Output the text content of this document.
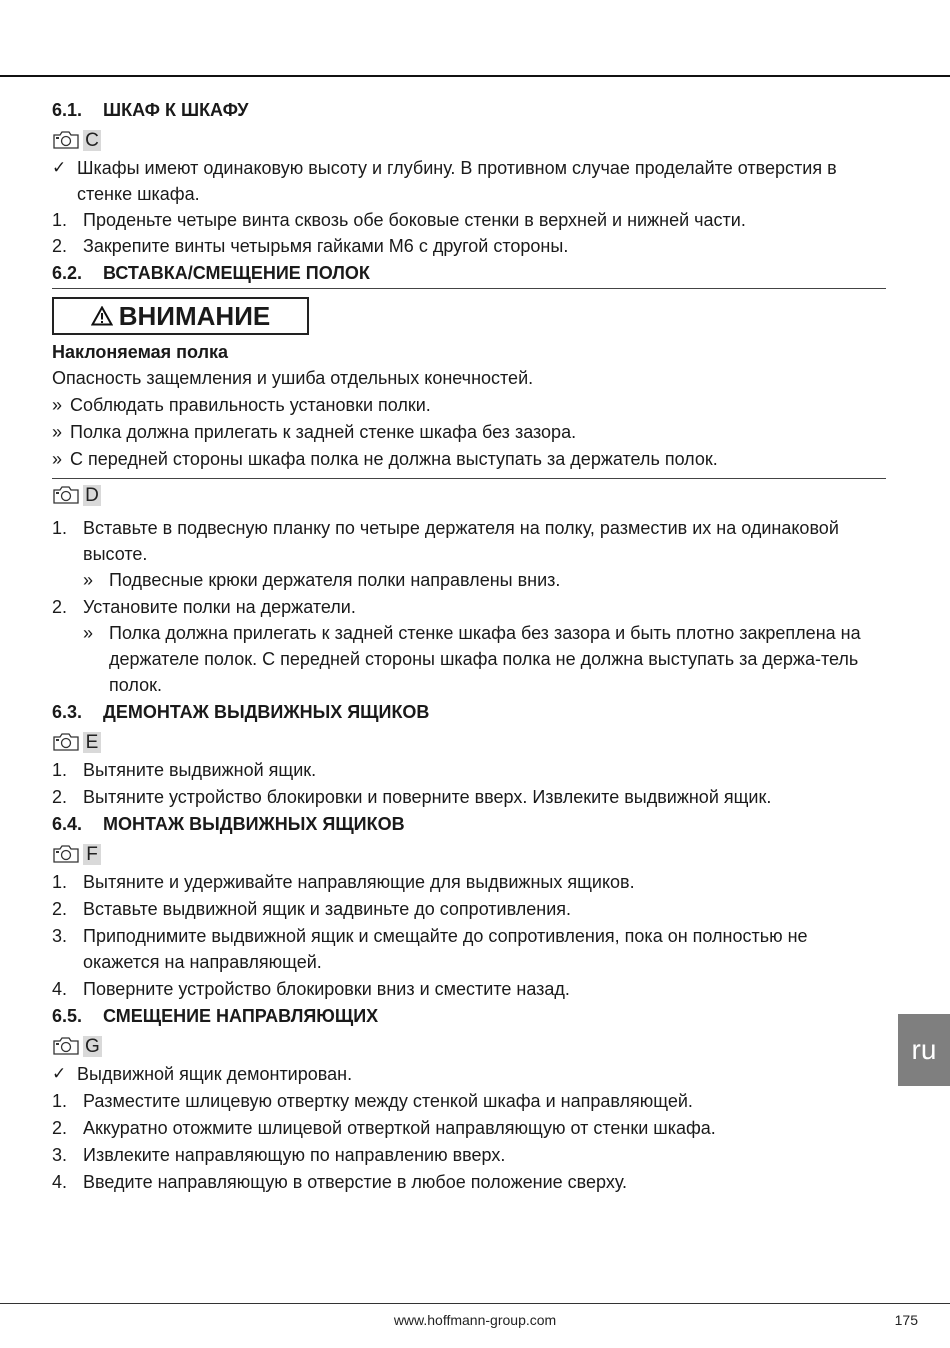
6.1.	ШКАФ К ШКАФУ
C
✓ Шкафы имеют одинаковую высоту и глубину. В противном случае проделайте отверстия в стенке шкафа.
1. Проденьте четыре винта сквозь обе боковые стенки в верхней и нижней части.
2. Закрепите винты четырьмя гайками М6 с другой стороны.
6.2.	ВСТАВКА/СМЕЩЕНИЕ ПОЛОК
ВНИМАНИЕ
Наклоняемая полка
Опасность защемления и ушиба отдельных конечностей.
» Соблюдать правильность установки полки.
» Полка должна прилегать к задней стенке шкафа без зазора.
» С передней стороны шкафа полка не должна выступать за держатель полок.
D
1. Вставьте в подвесную планку по четыре держателя на полку, разместив их на одинаковой высоте.
» Подвесные крюки держателя полки направлены вниз.
2. Установите полки на держатели.
» Полка должна прилегать к задней стенке шкафа без зазора и быть плотно закреплена на держателе полок. С передней стороны шкафа полка не должна выступать за держа-тель полок.
6.3.	ДЕМОНТАЖ ВЫДВИЖНЫХ ЯЩИКОВ
E
1. Вытяните выдвижной ящик.
2. Вытяните устройство блокировки и поверните вверх. Извлеките выдвижной ящик.
6.4.	МОНТАЖ ВЫДВИЖНЫХ ЯЩИКОВ
F
1. Вытяните и удерживайте направляющие для выдвижных ящиков.
2. Вставьте выдвижной ящик и задвиньте до сопротивления.
3. Приподнимите выдвижной ящик и смещайте до сопротивления, пока он полностью не окажется на направляющей.
4. Поверните устройство блокировки вниз и сместите назад.
6.5.	СМЕЩЕНИЕ НАПРАВЛЯЮЩИХ
G
✓ Выдвижной ящик демонтирован.
1. Разместите шлицевую отвертку между стенкой шкафа и направляющей.
2. Аккуратно отожмите шлицевой отверткой направляющую от стенки шкафа.
3. Извлеките направляющую по направлению вверх.
4. Введите направляющую в отверстие в любое положение сверху.
ru
www.hoffmann-group.com	175
